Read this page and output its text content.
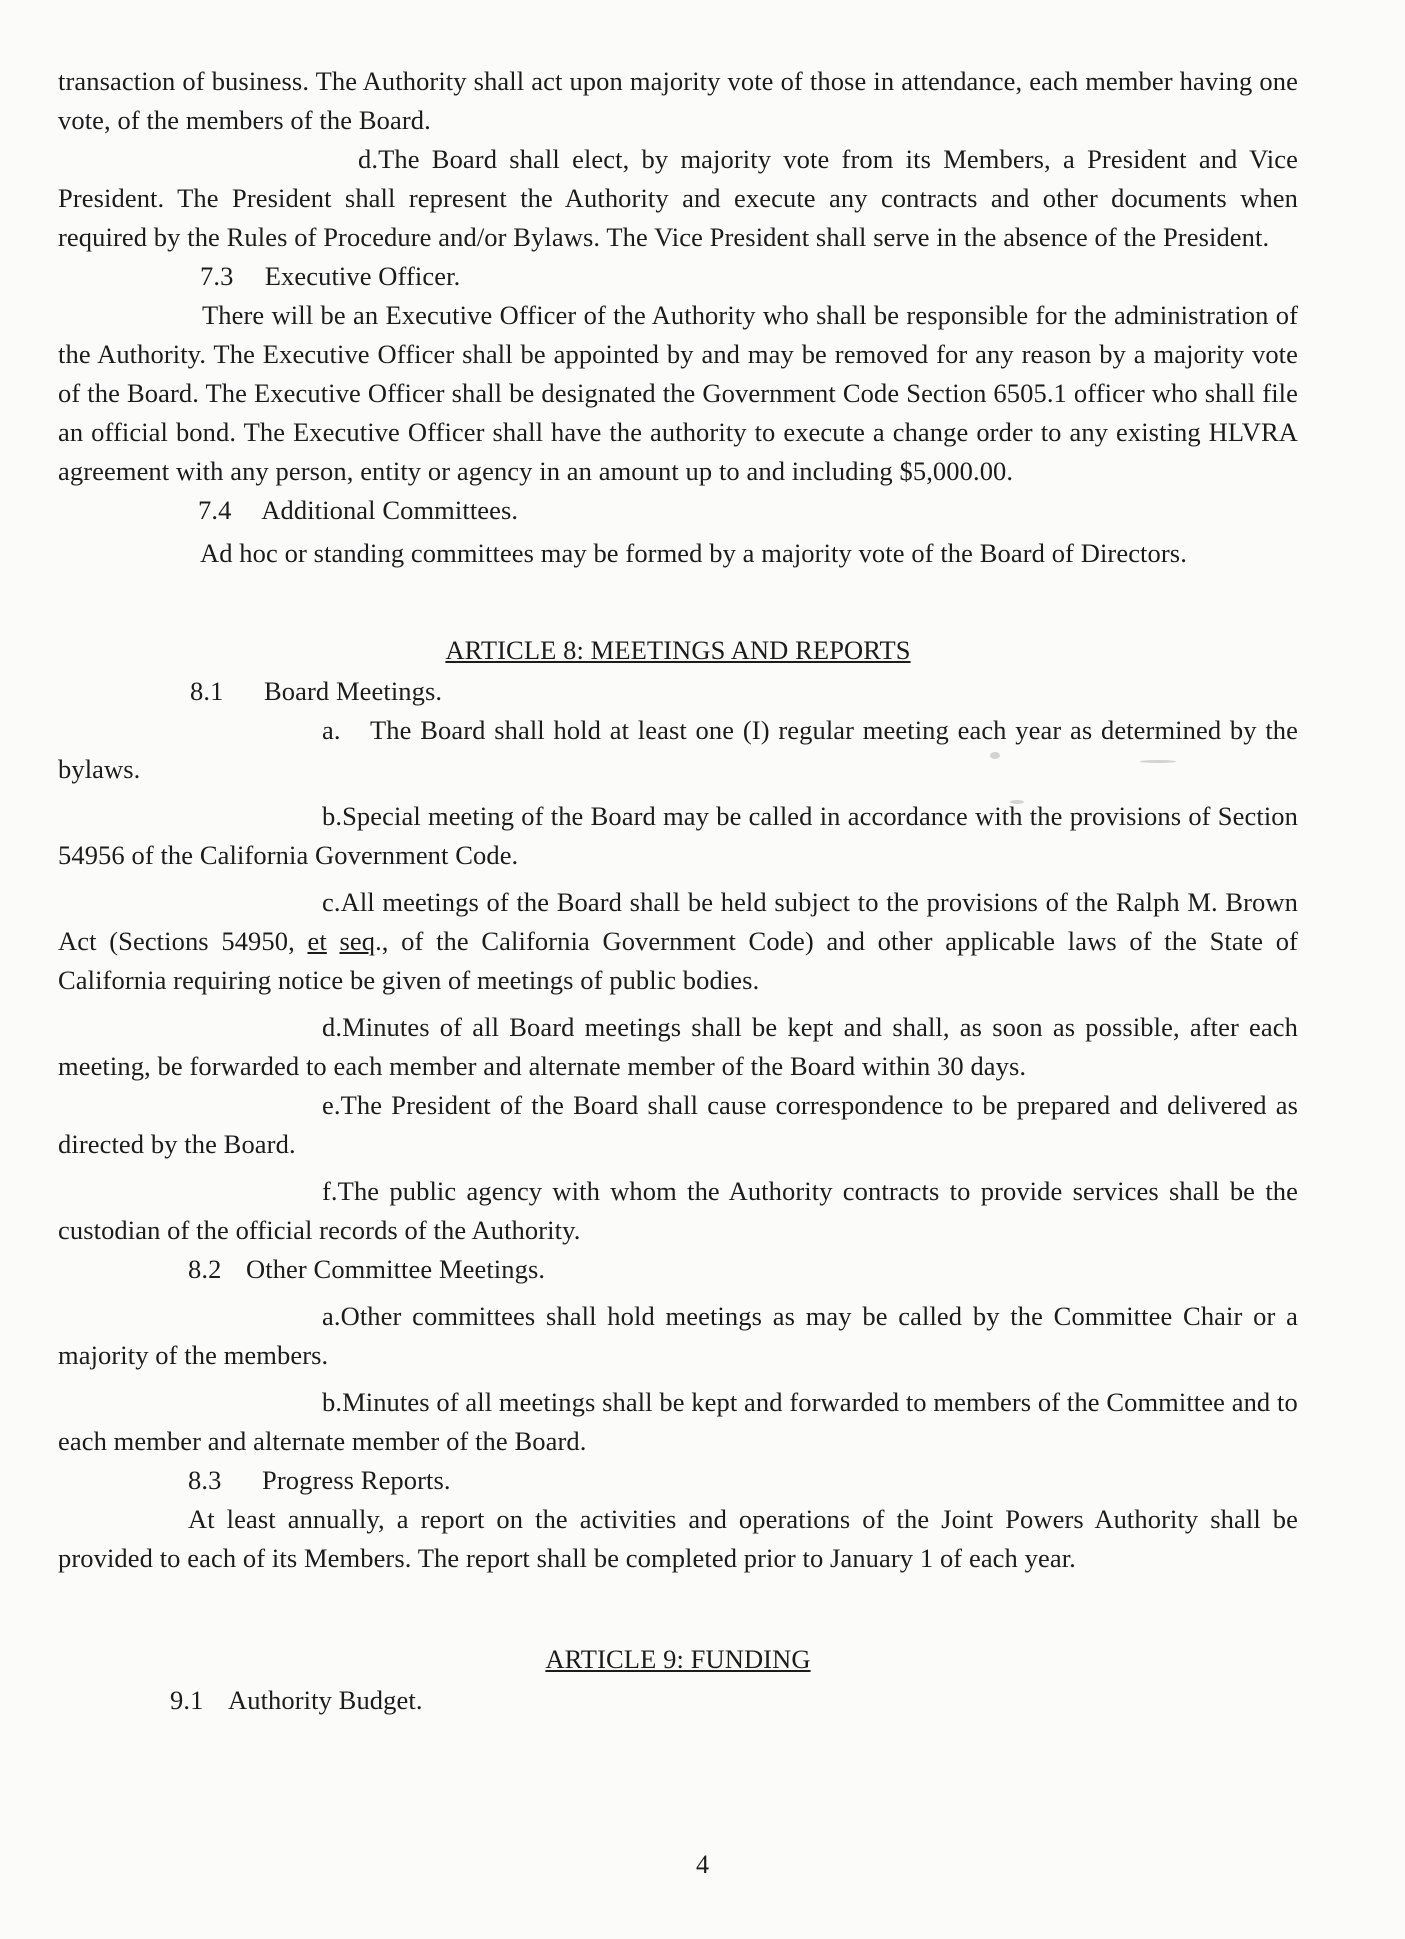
transaction of business. The Authority shall act upon majority vote of those in attendance, each member having one vote, of the members of the Board.

d.The Board shall elect, by majority vote from its Members, a President and Vice President. The President shall represent the Authority and execute any contracts and other documents when required by the Rules of Procedure and/or Bylaws. The Vice President shall serve in the absence of the President.

7.3 Executive Officer.

There will be an Executive Officer of the Authority who shall be responsible for the administration of the Authority. The Executive Officer shall be appointed by and may be removed for any reason by a majority vote of the Board. The Executive Officer shall be designated the Government Code Section 6505.1 officer who shall file an official bond. The Executive Officer shall have the authority to execute a change order to any existing HLVRA agreement with any person, entity or agency in an amount up to and including $5,000.00.

7.4 Additional Committees.

Ad hoc or standing committees may be formed by a majority vote of the Board of Directors.

ARTICLE 8: MEETINGS AND REPORTS

8.1 Board Meetings.

a. The Board shall hold at least one (I) regular meeting each year as determined by the bylaws.

b.Special meeting of the Board may be called in accordance with the provisions of Section 54956 of the California Government Code.

c.All meetings of the Board shall be held subject to the provisions of the Ralph M. Brown Act (Sections 54950, et seq., of the California Government Code) and other applicable laws of the State of California requiring notice be given of meetings of public bodies.

d.Minutes of all Board meetings shall be kept and shall, as soon as possible, after each meeting, be forwarded to each member and alternate member of the Board within 30 days.

e.The President of the Board shall cause correspondence to be prepared and delivered as directed by the Board.

f.The public agency with whom the Authority contracts to provide services shall be the custodian of the official records of the Authority.

8.2 Other Committee Meetings.

a.Other committees shall hold meetings as may be called by the Committee Chair or a majority of the members.

b.Minutes of all meetings shall be kept and forwarded to members of the Committee and to each member and alternate member of the Board.

8.3 Progress Reports.

At least annually, a report on the activities and operations of the Joint Powers Authority shall be provided to each of its Members. The report shall be completed prior to January 1 of each year.

ARTICLE 9: FUNDING

9.1 Authority Budget.

4
